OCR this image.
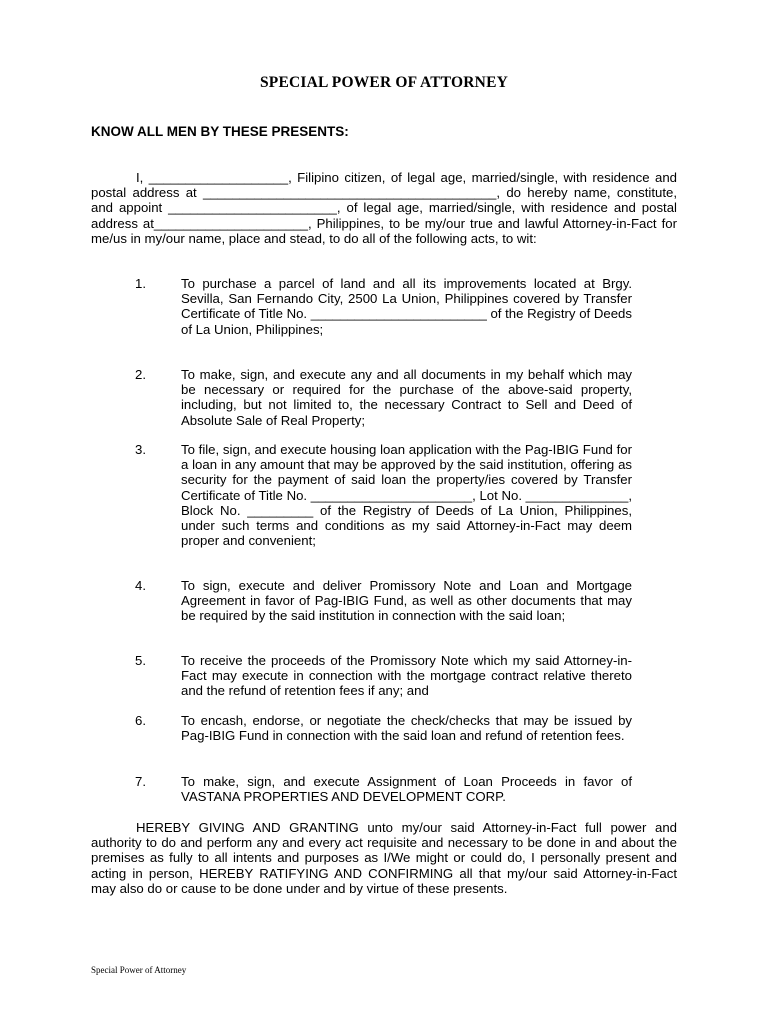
SPECIAL POWER OF ATTORNEY
KNOW ALL MEN BY THESE PRESENTS:

I, ___________________, Filipino citizen, of legal age, married/single, with residence and postal address at ________________________________________, do hereby name, constitute, and appoint _______________________, of legal age, married/single, with residence and postal address at_____________________, Philippines, to be my/our true and lawful Attorney-in-Fact for me/us in my/our name, place and stead, to do all of the following acts, to wit:

1.	To purchase a parcel of land and all its improvements located at Brgy. Sevilla, San Fernando City, 2500 La Union, Philippines covered by Transfer Certificate of Title No. ________________________ of the Registry of Deeds of La Union, Philippines;

2.	To make, sign, and execute any and all documents in my behalf which may be necessary or required for the purchase of the above-said property, including, but not limited to, the necessary Contract to Sell and Deed of Absolute Sale of Real Property;

3.	To file, sign, and execute housing loan application with the Pag-IBIG Fund for a loan in any amount that may be approved by the said institution, offering as security for the payment of said loan the property/ies covered by Transfer Certificate of Title No. ______________________, Lot No. ______________, Block No. _________ of the Registry of Deeds of La Union, Philippines, under such terms and conditions as my said Attorney-in-Fact may deem proper and convenient;

4.	To sign, execute and deliver Promissory Note and Loan and Mortgage Agreement in favor of Pag-IBIG Fund, as well as other documents that may be required by the said institution in connection with the said loan;

5.	To receive the proceeds of the Promissory Note which my said Attorney-in-Fact may execute in connection with the mortgage contract relative thereto and the refund of retention fees if any; and

6.	To encash, endorse, or negotiate the check/checks that may be issued by Pag-IBIG Fund in connection with the said loan and refund of retention fees.

7.	To make, sign, and execute Assignment of Loan Proceeds in favor of VASTANA PROPERTIES AND DEVELOPMENT CORP.

HEREBY GIVING AND GRANTING unto my/our said Attorney-in-Fact full power and authority to do and perform any and every act requisite and necessary to be done in and about the premises as fully to all intents and purposes as I/We might or could do, I personally present and acting in person, HEREBY RATIFYING AND CONFIRMING all that my/our said Attorney-in-Fact may also do or cause to be done under and by virtue of these presents.

Special Power of Attorney
